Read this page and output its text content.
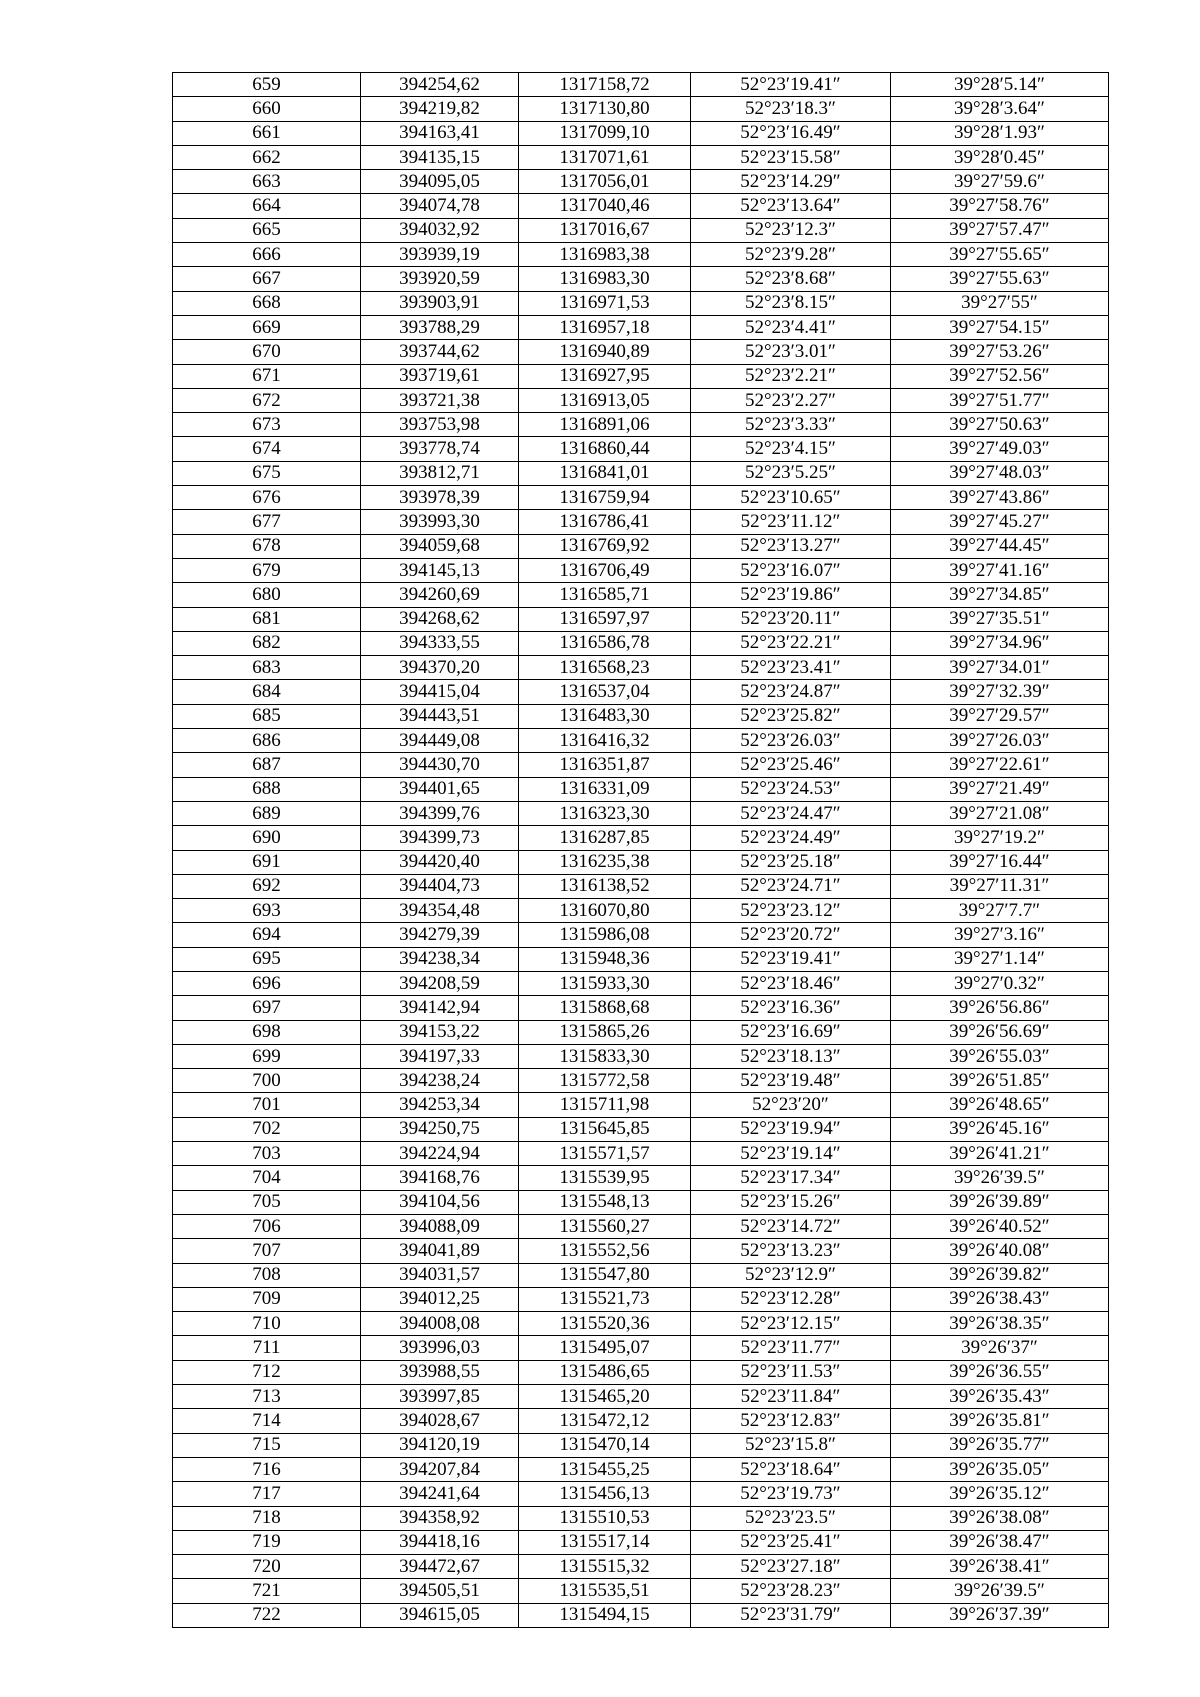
659	394254,62	1317158,72	52°23′19.41″	39°28′5.14″
660	394219,82	1317130,80	52°23′18.3″	39°28′3.64″
661	394163,41	1317099,10	52°23′16.49″	39°28′1.93″
662	394135,15	1317071,61	52°23′15.58″	39°28′0.45″
663	394095,05	1317056,01	52°23′14.29″	39°27′59.6″
664	394074,78	1317040,46	52°23′13.64″	39°27′58.76″
665	394032,92	1317016,67	52°23′12.3″	39°27′57.47″
666	393939,19	1316983,38	52°23′9.28″	39°27′55.65″
667	393920,59	1316983,30	52°23′8.68″	39°27′55.63″
668	393903,91	1316971,53	52°23′8.15″	39°27′55″
669	393788,29	1316957,18	52°23′4.41″	39°27′54.15″
670	393744,62	1316940,89	52°23′3.01″	39°27′53.26″
671	393719,61	1316927,95	52°23′2.21″	39°27′52.56″
672	393721,38	1316913,05	52°23′2.27″	39°27′51.77″
673	393753,98	1316891,06	52°23′3.33″	39°27′50.63″
674	393778,74	1316860,44	52°23′4.15″	39°27′49.03″
675	393812,71	1316841,01	52°23′5.25″	39°27′48.03″
676	393978,39	1316759,94	52°23′10.65″	39°27′43.86″
677	393993,30	1316786,41	52°23′11.12″	39°27′45.27″
678	394059,68	1316769,92	52°23′13.27″	39°27′44.45″
679	394145,13	1316706,49	52°23′16.07″	39°27′41.16″
680	394260,69	1316585,71	52°23′19.86″	39°27′34.85″
681	394268,62	1316597,97	52°23′20.11″	39°27′35.51″
682	394333,55	1316586,78	52°23′22.21″	39°27′34.96″
683	394370,20	1316568,23	52°23′23.41″	39°27′34.01″
684	394415,04	1316537,04	52°23′24.87″	39°27′32.39″
685	394443,51	1316483,30	52°23′25.82″	39°27′29.57″
686	394449,08	1316416,32	52°23′26.03″	39°27′26.03″
687	394430,70	1316351,87	52°23′25.46″	39°27′22.61″
688	394401,65	1316331,09	52°23′24.53″	39°27′21.49″
689	394399,76	1316323,30	52°23′24.47″	39°27′21.08″
690	394399,73	1316287,85	52°23′24.49″	39°27′19.2″
691	394420,40	1316235,38	52°23′25.18″	39°27′16.44″
692	394404,73	1316138,52	52°23′24.71″	39°27′11.31″
693	394354,48	1316070,80	52°23′23.12″	39°27′7.7″
694	394279,39	1315986,08	52°23′20.72″	39°27′3.16″
695	394238,34	1315948,36	52°23′19.41″	39°27′1.14″
696	394208,59	1315933,30	52°23′18.46″	39°27′0.32″
697	394142,94	1315868,68	52°23′16.36″	39°26′56.86″
698	394153,22	1315865,26	52°23′16.69″	39°26′56.69″
699	394197,33	1315833,30	52°23′18.13″	39°26′55.03″
700	394238,24	1315772,58	52°23′19.48″	39°26′51.85″
701	394253,34	1315711,98	52°23′20″	39°26′48.65″
702	394250,75	1315645,85	52°23′19.94″	39°26′45.16″
703	394224,94	1315571,57	52°23′19.14″	39°26′41.21″
704	394168,76	1315539,95	52°23′17.34″	39°26′39.5″
705	394104,56	1315548,13	52°23′15.26″	39°26′39.89″
706	394088,09	1315560,27	52°23′14.72″	39°26′40.52″
707	394041,89	1315552,56	52°23′13.23″	39°26′40.08″
708	394031,57	1315547,80	52°23′12.9″	39°26′39.82″
709	394012,25	1315521,73	52°23′12.28″	39°26′38.43″
710	394008,08	1315520,36	52°23′12.15″	39°26′38.35″
711	393996,03	1315495,07	52°23′11.77″	39°26′37″
712	393988,55	1315486,65	52°23′11.53″	39°26′36.55″
713	393997,85	1315465,20	52°23′11.84″	39°26′35.43″
714	394028,67	1315472,12	52°23′12.83″	39°26′35.81″
715	394120,19	1315470,14	52°23′15.8″	39°26′35.77″
716	394207,84	1315455,25	52°23′18.64″	39°26′35.05″
717	394241,64	1315456,13	52°23′19.73″	39°26′35.12″
718	394358,92	1315510,53	52°23′23.5″	39°26′38.08″
719	394418,16	1315517,14	52°23′25.41″	39°26′38.47″
720	394472,67	1315515,32	52°23′27.18″	39°26′38.41″
721	394505,51	1315535,51	52°23′28.23″	39°26′39.5″
722	394615,05	1315494,15	52°23′31.79″	39°26′37.39″
